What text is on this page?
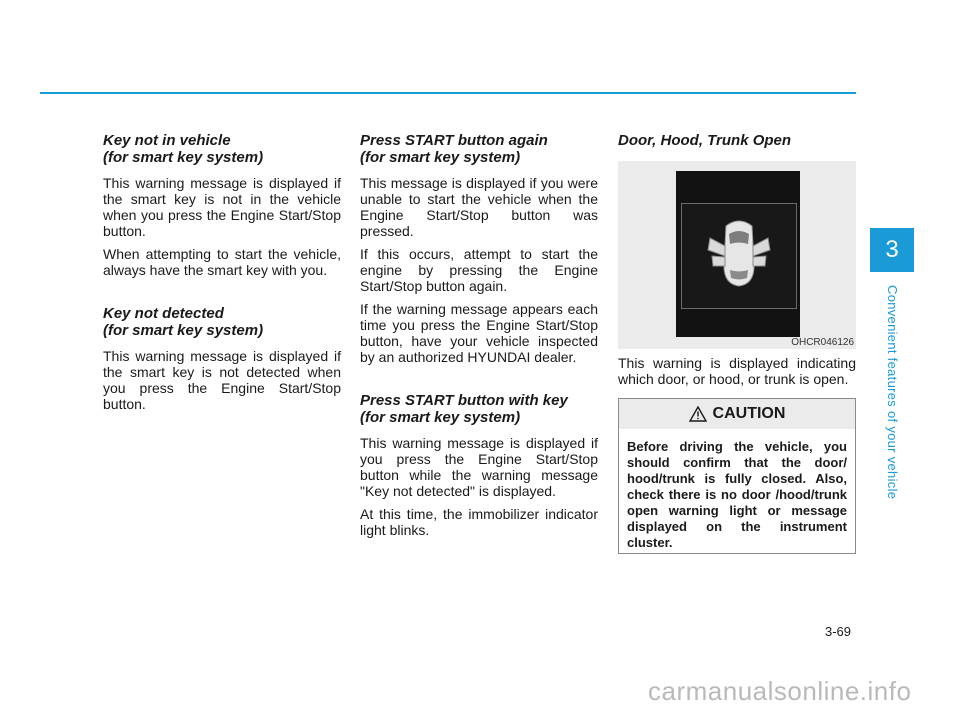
Key not in vehicle
(for smart key system)

This warning message is displayed if the smart key is not in the vehicle when you press the Engine Start/Stop button.

When attempting to start the vehicle, always have the smart key with you.

Key not detected
(for smart key system)

This warning message is displayed if the smart key is not detected when you press the Engine Start/Stop button.

Press START button again
(for smart key system)

This message is displayed if you were unable to start the vehicle when the Engine Start/Stop button was pressed.

If this occurs, attempt to start the engine by pressing the Engine Start/Stop button again.

If the warning message appears each time you press the Engine Start/Stop button, have your vehicle inspected by an authorized HYUNDAI dealer.

Press START button with key
(for smart key system)

This warning message is displayed if you press the Engine Start/Stop button while the warning message "Key not detected" is displayed.

At this time, the immobilizer indicator light blinks.

Door, Hood, Trunk Open
OHCR046126

This warning is displayed indicating which door, or hood, or trunk is open.

CAUTION

Before driving the vehicle, you should confirm that the door/ hood/trunk is fully closed. Also, check there is no door /hood/trunk open warning light or message displayed on the instrument cluster.

3
Convenient features of your vehicle
3-69
carmanualsonline.info
